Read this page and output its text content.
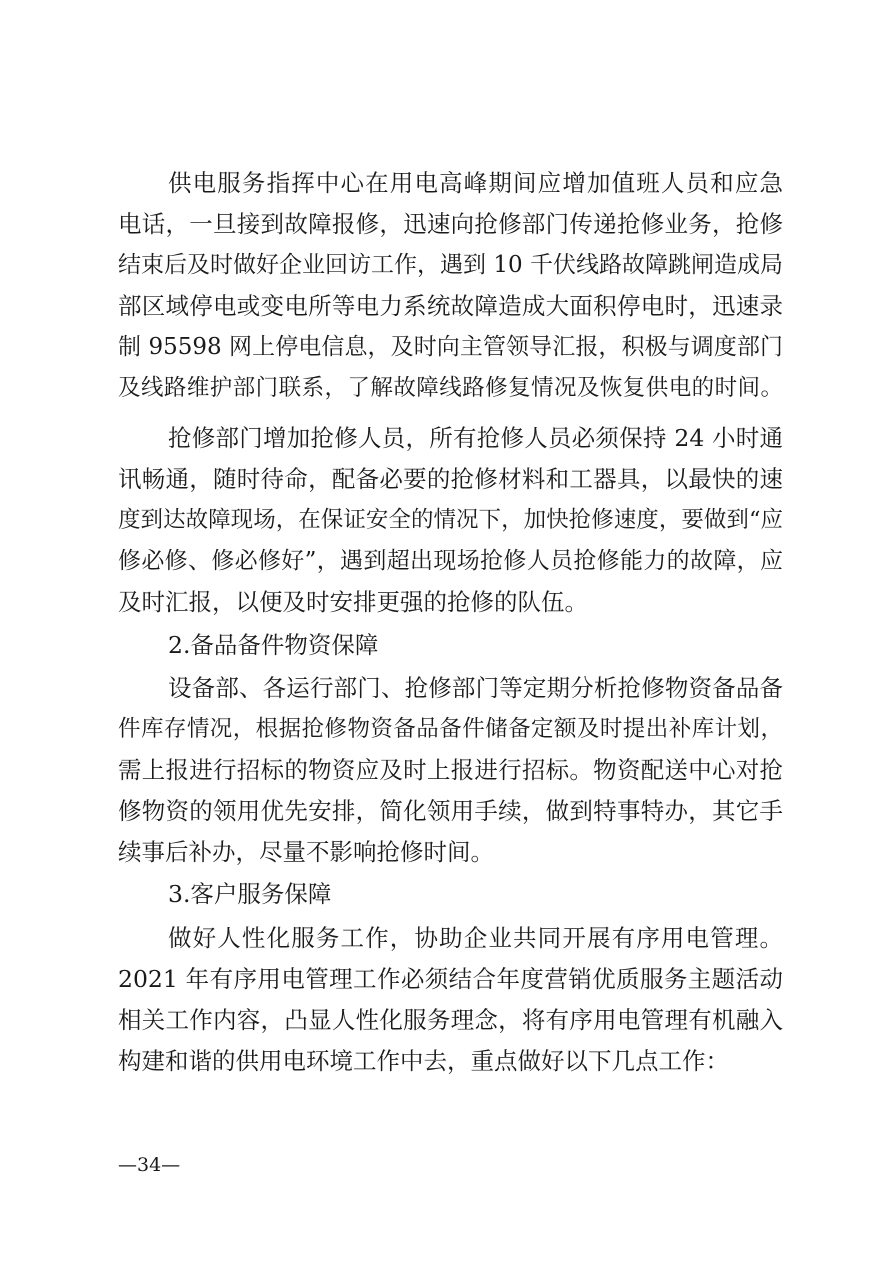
供电服务指挥中心在用电高峰期间应增加值班人员和应急
电话，一旦接到故障报修，迅速向抢修部门传递抢修业务，抢修
结束后及时做好企业回访工作，遇到 10 千伏线路故障跳闸造成局
部区域停电或变电所等电力系统故障造成大面积停电时，迅速录
制 95598 网上停电信息，及时向主管领导汇报，积极与调度部门
及线路维护部门联系，了解故障线路修复情况及恢复供电的时间。
抢修部门增加抢修人员，所有抢修人员必须保持 24 小时通
讯畅通，随时待命，配备必要的抢修材料和工器具，以最快的速
度到达故障现场，在保证安全的情况下，加快抢修速度，要做到“应
修必修、修必修好”，遇到超出现场抢修人员抢修能力的故障，应
及时汇报，以便及时安排更强的抢修的队伍。
2.备品备件物资保障
设备部、各运行部门、抢修部门等定期分析抢修物资备品备
件库存情况，根据抢修物资备品备件储备定额及时提出补库计划，
需上报进行招标的物资应及时上报进行招标。物资配送中心对抢
修物资的领用优先安排，简化领用手续，做到特事特办，其它手
续事后补办，尽量不影响抢修时间。
3.客户服务保障
做好人性化服务工作，协助企业共同开展有序用电管理。
2021 年有序用电管理工作必须结合年度营销优质服务主题活动
相关工作内容，凸显人性化服务理念，将有序用电管理有机融入
构建和谐的供用电环境工作中去，重点做好以下几点工作：
—34—
